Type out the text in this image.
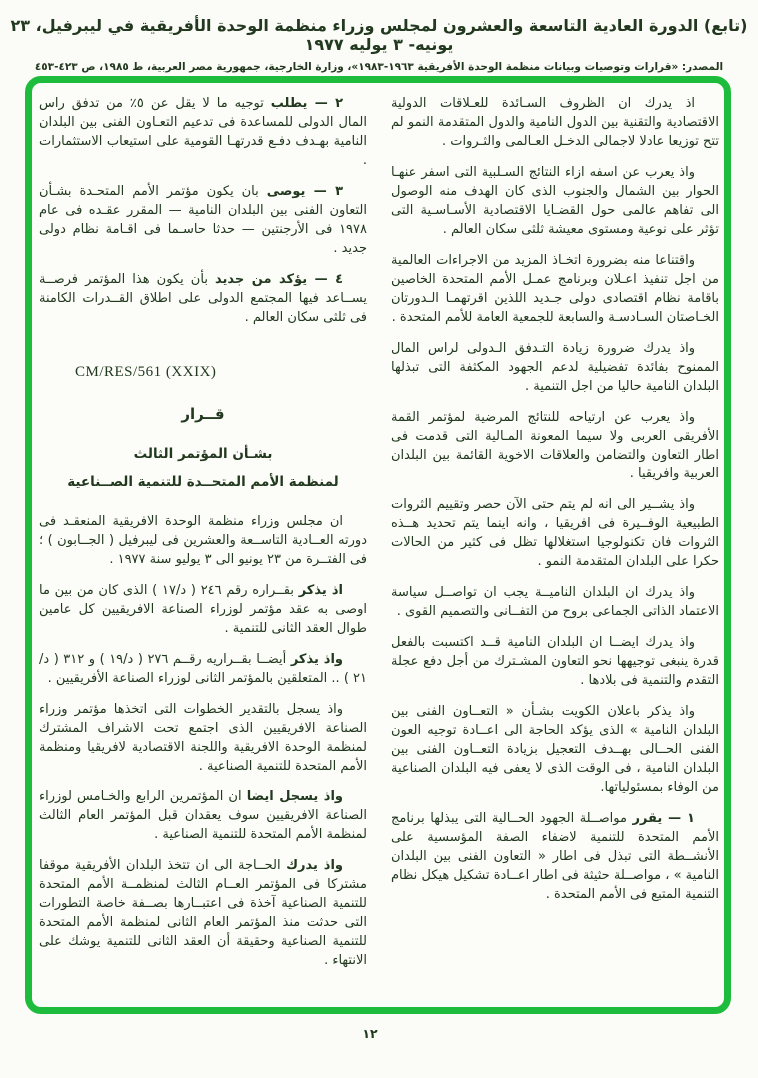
(تابع) الدورة العادية التاسعة والعشرون لمجلس وزراء منظمة الوحدة الأفريقية في ليبرفيل، ٢٣ يونيه- ٣ يوليه ١٩٧٧
المصدر: «قرارات وتوصيات وبيانات منظمة الوحدة الأفريقية ١٩٦٣-١٩٨٣»، وزارة الخارجية، جمهورية مصر العربية، ط ١٩٨٥، ص ٤٢٣-٤٥٣

اذ يدرك ان الظروف السـائدة للعـلاقات الدولية الاقتصادية والتقنية بين الدول النامية والدول المتقدمة النمو لم تتح توزيعا عادلا لاجمالى الدخـل العـالمى والثـروات .

واذ يعرب عن اسفه ازاء النتائج السـلبية التى اسفر عنهـا الحوار بين الشمال والجنوب الذى كان الهدف منه الوصول الى تفاهم عالمى حول القضـايا الاقتصادية الأسـاسـية التى تؤثر على نوعية ومستوى معيشة ثلثى سكان العالم .

واقتناعا منه بضرورة اتخـاذ المزيد من الاجراءات العالمية من اجل تنفيذ اعـلان وبرنامج عمـل الأمم المتحدة الخاصين باقامة نظام اقتصادى دولى جـديد اللذين اقرتهمـا الـدورتان الخـاصتان السـادسـة والسابعة للجمعية العامة للأمم المتحدة .

واذ يدرك ضرورة زيادة التـدفق الـدولى لراس المال الممنوح بفائدة تفضيلية لدعم الجهود المكثفة التى تبذلها البلدان النامية حاليا من اجل التنمية .

واذ يعرب عن ارتياحه للنتائج المرضية لمؤتمر القمة الأفريقى العربى ولا سيما المعونة المـالية التى قدمت فى اطار التعاون والتضامن والعلاقات الاخوية القائمة بين البلدان العربية وافريقيا .

واذ يشــير الى انه لم يتم حتى الآن حصر وتقييم الثروات الطبيعية الوفــيرة فى افريقيا ، وانه اينما يتم تحديد هــذه الثروات فان تكنولوجيا استغلالها تظل فى كثير من الحالات حكرا على البلدان المتقدمة النمو .

واذ يدرك ان البلدان الناميــة يجب ان تواصــل سياسة الاعتماد الذاتى الجماعى بروح من التفــانى والتصميم القوى .

واذ يدرك ايضــا ان البلدان النامية قــد اكتسبت بالفعل قدرة ينبغى توجيهها نحو التعاون المشـترك من أجل دفع عجلة التقدم والتنمية فى بلادها .

واذ يذكر باعلان الكويت بشـأن « التعــاون الفنى بين البلدان النامية » الذى يؤكد الحاجة الى اعــادة توجيه العون الفنى الحــالى بهــدف التعجيل بزيادة التعــاون الفنى بين البلدان النامية ، فى الوقت الذى لا يعفى فيه البلدان الصناعية من الوفاء بمسئولياتها.

١ — يقرر مواصــلة الجهود الحــالية التى يبذلها برنامج الأمم المتحدة للتنمية لاضفاء الصفة المؤسسية على الأنشــطة التى تبذل فى اطار « التعاون الفنى بين البلدان النامية » ، مواصــلة حثيثة فى اطار اعــادة تشكيل هيكل نظام التنمية المتبع فى الأمم المتحدة .

٢ — يطلب توجيه ما لا يقل عن ٥٪ من تدفق راس المال الدولى للمساعدة فى تدعيم التعـاون الفنى بين البلدان النامية بهـدف دفـع قدرتهـا القومية على استيعاب الاستثمارات .

٣ — يوصى بان يكون مؤتمر الأمم المتحـدة بشـأن التعاون الفنى بين البلدان النامية — المقرر عقـده فى عام ١٩٧٨ فى الأرجنتين — حدثا حاسـما فى اقـامة نظام دولى جديد .

٤ — يؤكد من جديد بأن يكون هذا المؤتمر فرصــة يســاعد فيها المجتمع الدولى على اطلاق القــدرات الكامنة فى ثلثى سكان العالم .

CM/RES/561 (XXIX)

قــرار

بشـأن المؤتمر الثالث

لمنظمة الأمم المتحــدة للتنمية الصــناعية

ان مجلس وزراء منظمة الوحدة الافريقية المنعقـد فى دورته العــادية التاســعة والعشرين فى ليبرفيل ( الجــابون ) ؛ فى الفتــرة من ٢٣ يونيو الى ٣ يوليو سنة ١٩٧٧ .

اذ يذكر بقــراره رقم ٢٤٦ ( د/١٧ ) الذى كان من بين ما اوصى به عقد مؤتمر لوزراء الصناعة الافريقيين كل عامين طوال العقد الثانى للتنمية .

واذ يذكر أيضــا بقــراريه رقــم ٢٧٦ ( د/١٩ ) و ٣١٢ ( د/٢١ ) .. المتعلقين بالمؤتمر الثانى لوزراء الصناعة الأفريقيين .

واذ يسجل بالتقدير الخطوات التى اتخذها مؤتمر وزراء الصناعة الافريقيين الذى اجتمع تحت الاشراف المشترك لمنظمة الوحدة الافريقية واللجنة الاقتصادية لافريقيا ومنظمة الأمم المتحدة للتنمية الصناعية .

واذ يسجل ايضا ان المؤتمرين الرابع والخـامس لوزراء الصناعة الافريقيين سوف يعقدان قبل المؤتمر العام الثالث لمنظمة الأمم المتحدة للتنمية الصناعية .

واذ يدرك الحــاجة الى ان تتخذ البلدان الأفريقية موقفا مشتركا فى المؤتمر العــام الثالث لمنظمــة الأمم المتحدة للتنمية الصناعية آخذة فى اعتبــارها بصــفة خاصة التطورات التى حدثت منذ المؤتمر العام الثانى لمنظمة الأمم المتحدة للتنمية الصناعية وحقيقة أن العقد الثانى للتنمية يوشك على الانتهاء .

١٢
